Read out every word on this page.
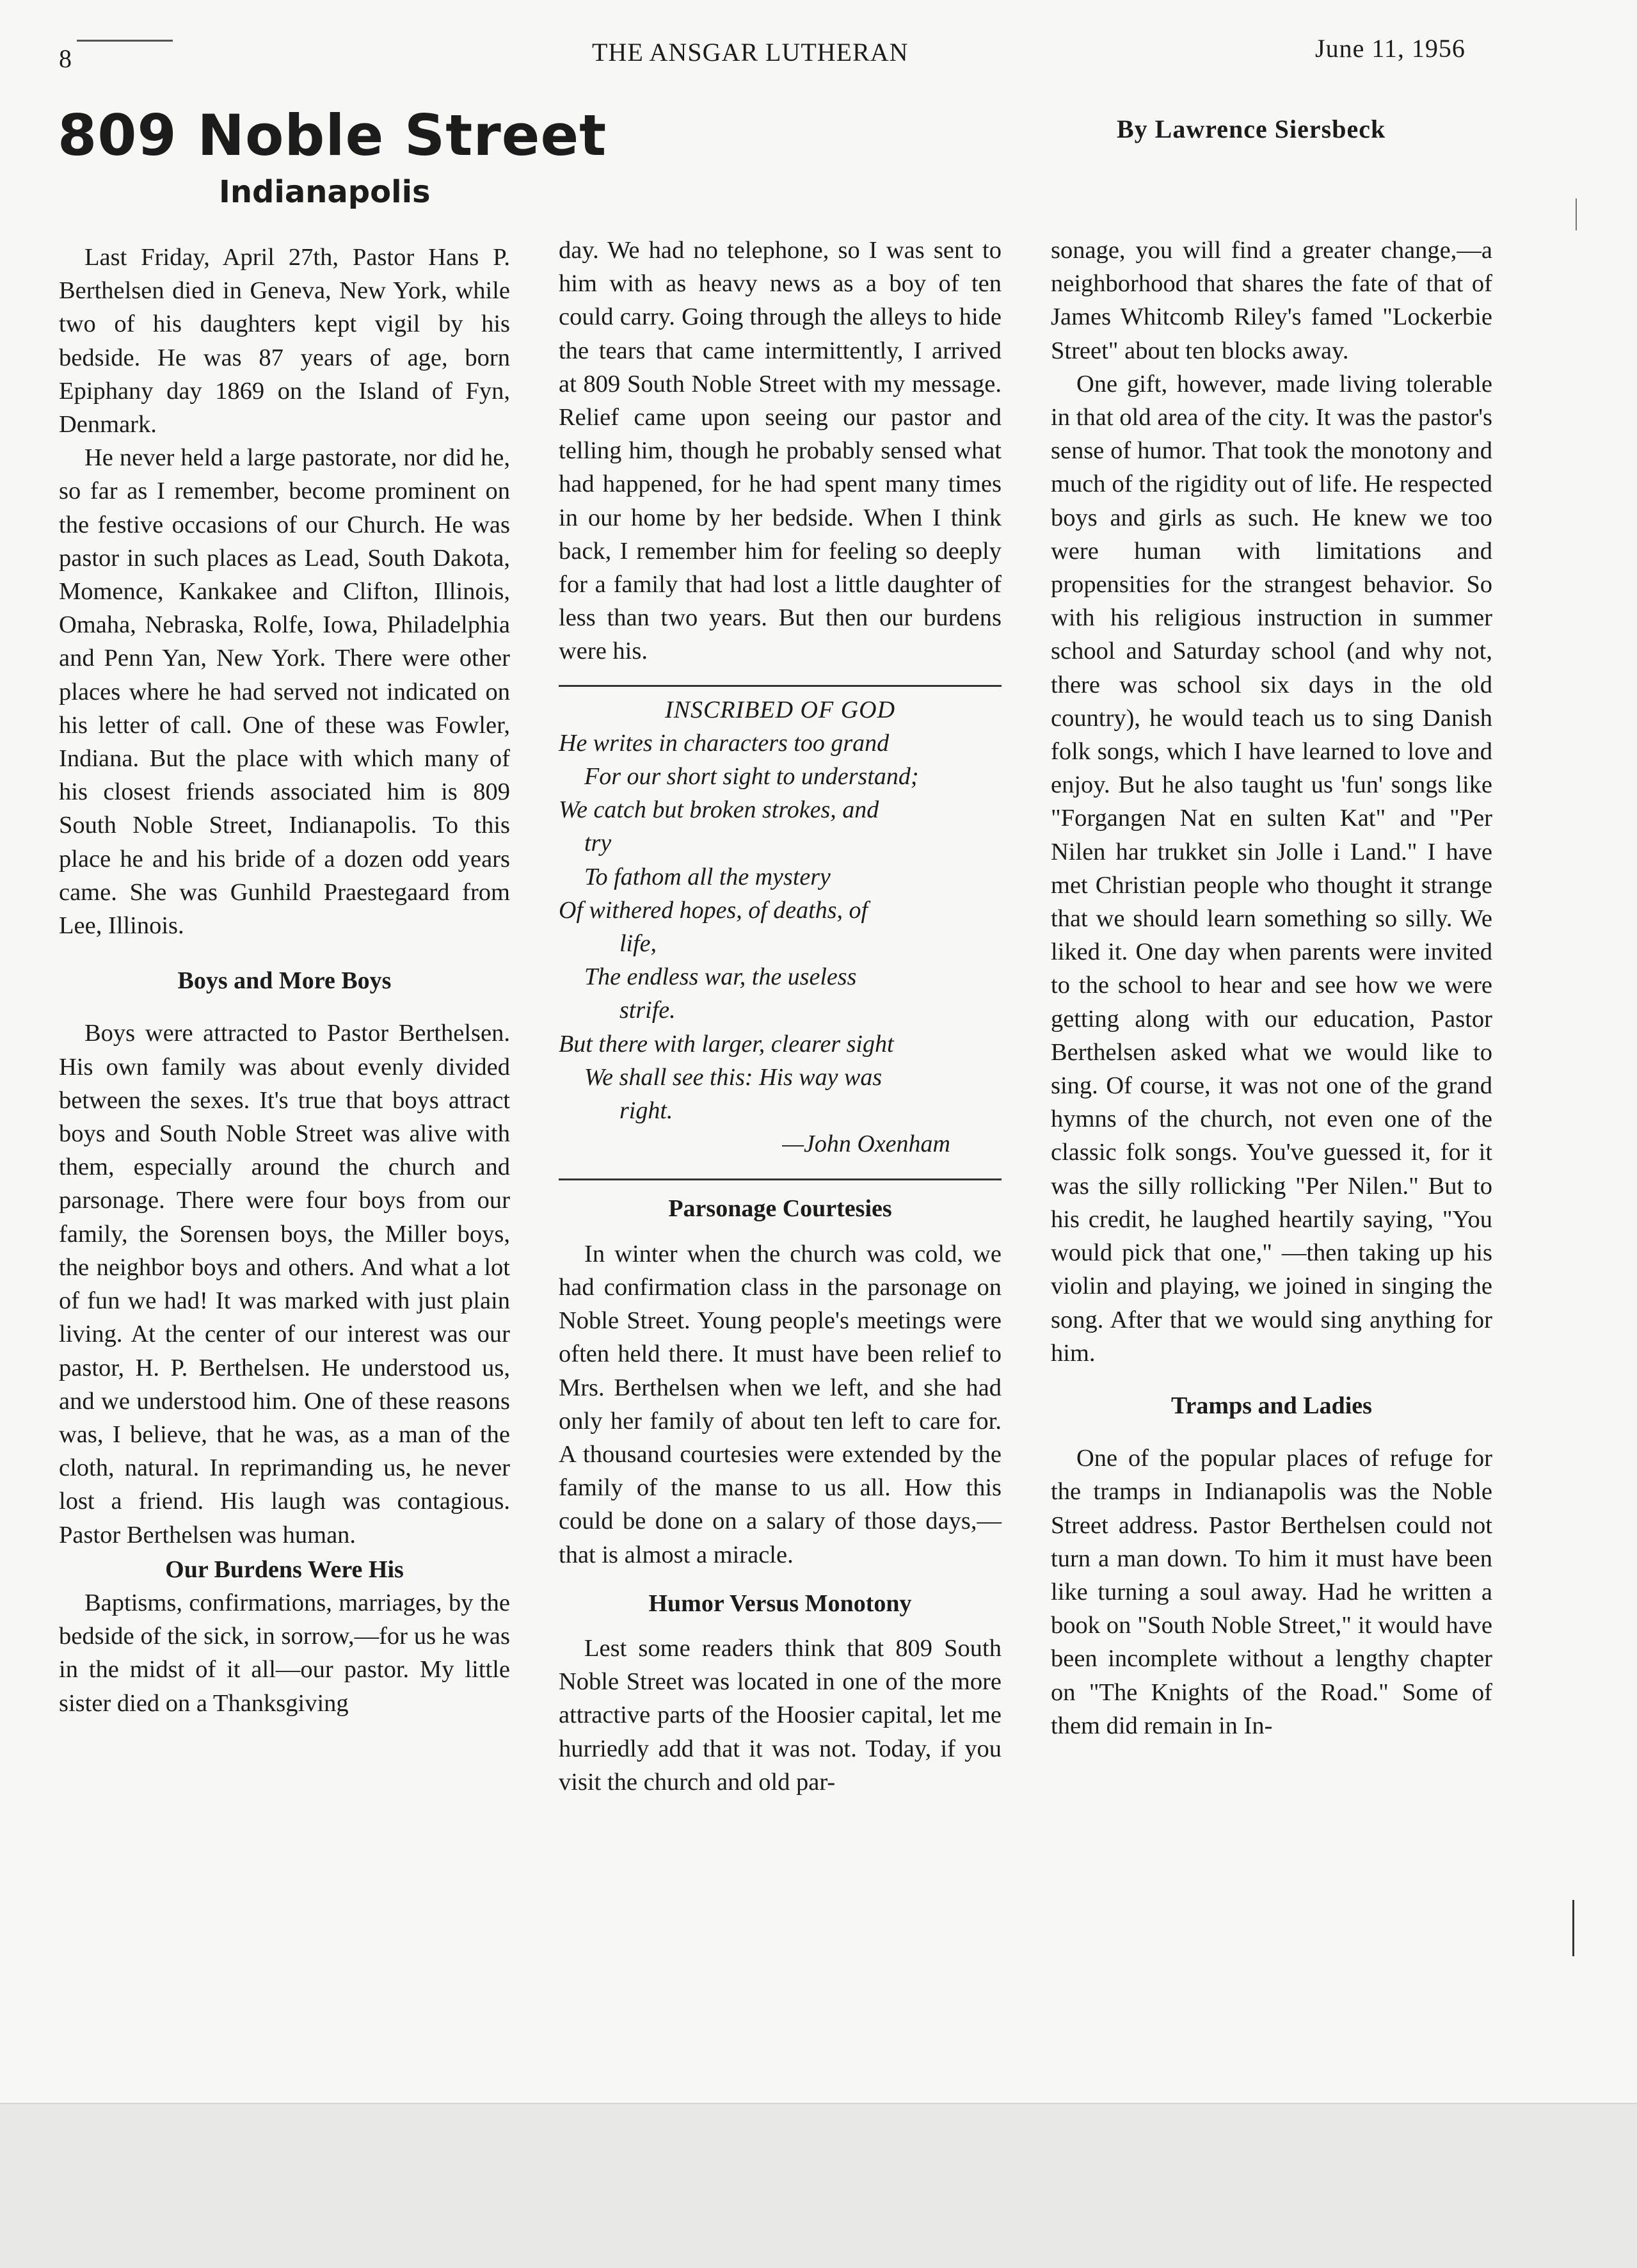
8	THE ANSGAR LUTHERAN	June 11, 1956
809 Noble Street
Indianapolis
By Lawrence Siersbeck

Last Friday, April 27th, Pastor Hans P. Berthelsen died in Geneva, New York, while two of his daughters kept vigil by his bedside. He was 87 years of age, born Epiphany day 1869 on the Island of Fyn, Denmark.

He never held a large pastorate, nor did he, so far as I remember, become prominent on the festive occasions of our Church. He was pastor in such places as Lead, South Dakota, Momence, Kankakee and Clifton, Illinois, Omaha, Nebraska, Rolfe, Iowa, Philadelphia and Penn Yan, New York. There were other places where he had served not indicated on his letter of call. One of these was Fowler, Indiana. But the place with which many of his closest friends associated him is 809 South Noble Street, Indianapolis. To this place he and his bride of a dozen odd years came. She was Gunhild Praestegaard from Lee, Illinois.

Boys and More Boys

Boys were attracted to Pastor Berthelsen. His own family was about evenly divided between the sexes. It's true that boys attract boys and South Noble Street was alive with them, especially around the church and parsonage. There were four boys from our family, the Sorensen boys, the Miller boys, the neighbor boys and others. And what a lot of fun we had! It was marked with just plain living. At the center of our interest was our pastor, H. P. Berthelsen. He understood us, and we understood him. One of these reasons was, I believe, that he was, as a man of the cloth, natural. In reprimanding us, he never lost a friend. His laugh was contagious. Pastor Berthelsen was human.

Our Burdens Were His

Baptisms, confirmations, marriages, by the bedside of the sick, in sorrow,—for us he was in the midst of it all—our pastor. My little sister died on a Thanksgiving

day. We had no telephone, so I was sent to him with as heavy news as a boy of ten could carry. Going through the alleys to hide the tears that came intermittently, I arrived at 809 South Noble Street with my message. Relief came upon seeing our pastor and telling him, though he probably sensed what had happened, for he had spent many times in our home by her bedside. When I think back, I remember him for feeling so deeply for a family that had lost a little daughter of less than two years. But then our burdens were his.

INSCRIBED OF GOD
He writes in characters too grand
For our short sight to understand;
We catch but broken strokes, and
try
To fathom all the mystery
Of withered hopes, of deaths, of
life,
The endless war, the useless
strife.
But there with larger, clearer sight
We shall see this: His way was
right.
—John Oxenham
Parsonage Courtesies

In winter when the church was cold, we had confirmation class in the parsonage on Noble Street. Young people's meetings were often held there. It must have been relief to Mrs. Berthelsen when we left, and she had only her family of about ten left to care for. A thousand courtesies were extended by the family of the manse to us all. How this could be done on a salary of those days,—that is almost a miracle.

Humor Versus Monotony

Lest some readers think that 809 South Noble Street was located in one of the more attractive parts of the Hoosier capital, let me hurriedly add that it was not. Today, if you visit the church and old par-

sonage, you will find a greater change,—a neighborhood that shares the fate of that of James Whitcomb Riley's famed "Lockerbie Street" about ten blocks away.

One gift, however, made living tolerable in that old area of the city. It was the pastor's sense of humor. That took the monotony and much of the rigidity out of life. He respected boys and girls as such. He knew we too were human with limitations and propensities for the strangest behavior. So with his religious instruction in summer school and Saturday school (and why not, there was school six days in the old country), he would teach us to sing Danish folk songs, which I have learned to love and enjoy. But he also taught us 'fun' songs like "Forgangen Nat en sulten Kat" and "Per Nilen har trukket sin Jolle i Land." I have met Christian people who thought it strange that we should learn something so silly. We liked it. One day when parents were invited to the school to hear and see how we were getting along with our education, Pastor Berthelsen asked what we would like to sing. Of course, it was not one of the grand hymns of the church, not even one of the classic folk songs. You've guessed it, for it was the silly rollicking "Per Nilen." But to his credit, he laughed heartily saying, "You would pick that one," —then taking up his violin and playing, we joined in singing the song. After that we would sing anything for him.

Tramps and Ladies

One of the popular places of refuge for the tramps in Indianapolis was the Noble Street address. Pastor Berthelsen could not turn a man down. To him it must have been like turning a soul away. Had he written a book on "South Noble Street," it would have been incomplete without a lengthy chapter on "The Knights of the Road." Some of them did remain in In-
